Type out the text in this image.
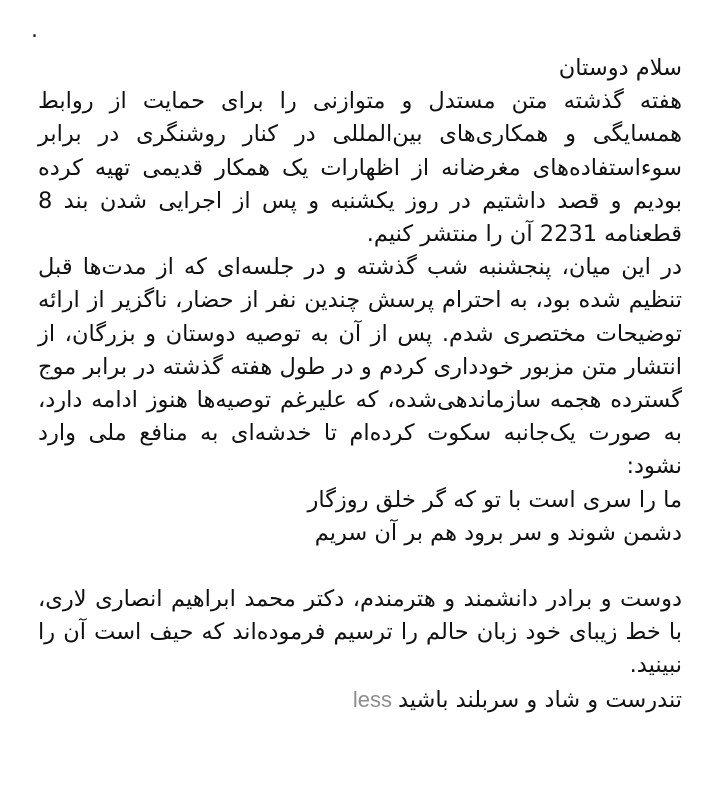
.

سلام دوستان

هفته گذشته متن مستدل و متوازنی را برای حمایت از روابط همسایگی و همکاری‌های بین‌المللی در کنار روشنگری در برابر سوءاستفاده‌های مغرضانه از اظهارات یک همکار قدیمی تهیه کرده بودیم و قصد داشتیم در روز یکشنبه و پس از اجرایی شدن بند 8 قطعنامه 2231 آن را منتشر کنیم.

در این میان، پنجشنبه شب گذشته و در جلسه‌ای که از مدت‌ها قبل تنظیم شده بود، به احترام پرسش چندین نفر از حضار، ناگزیر از ارائه توضیحات مختصری شدم. پس از آن به توصیه دوستان و بزرگان، از انتشار متن مزبور خودداری کردم و در طول هفته گذشته در برابر موج گسترده هجمه سازماندهی‌شده، که علیرغم توصیه‌ها هنوز ادامه دارد، به صورت یک‌جانبه سکوت کرده‌ام تا خدشه‌ای به منافع ملی وارد نشود:

ما را سری است با تو که گر خلق روزگار

دشمن شوند و سر برود هم بر آن سریم

دوست و برادر دانشمند و هترمندم، دکتر محمد ابراهیم انصاری لاری، با خط زیبای خود زبان حالم را ترسیم فرموده‌اند که حیف است آن را نبینید.

تندرست و شاد و سربلند باشیدless
